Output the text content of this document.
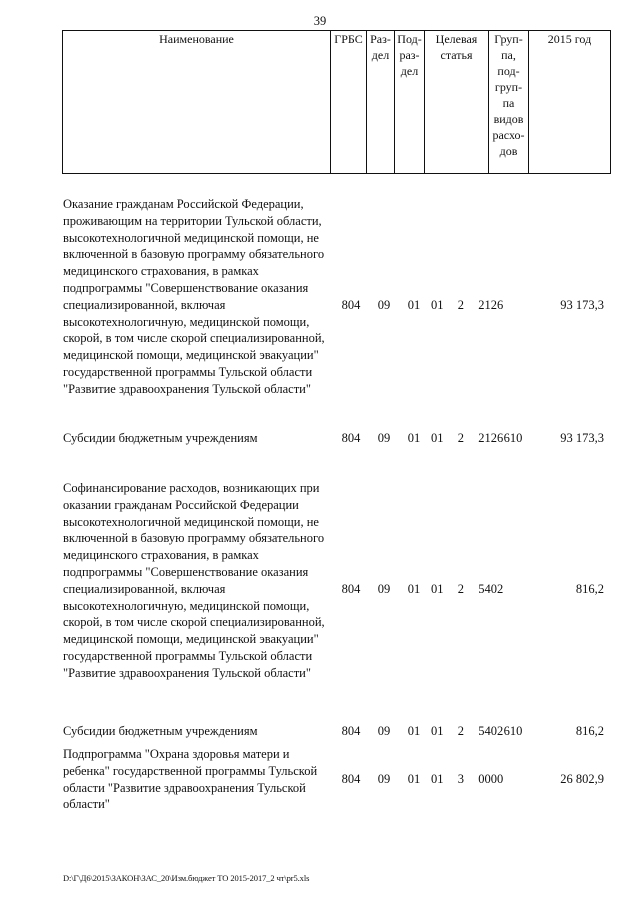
39
Наименование	ГРБС	Раз-дел	Под-раз-дел	Целевая статья	Груп-па, под-груп-па видов расхо-дов	2015 год
Оказание гражданам Российской Федерации, проживающим на территории Тульской области, высокотехнологичной медицинской помощи, не включенной в базовую программу обязательного медицинского страхования, в рамках подпрограммы "Совершенствование оказания специализированной, включая высокотехнологичную, медицинской помощи, скорой, в том числе скорой специализированной, медицинской помощи, медицинской эвакуации" государственной программы Тульской области "Развитие здравоохранения Тульской области"
804	09	01 01  2  2126	93 173,3
Субсидии бюджетным учреждениям	804	09	01 01  2  2126 610	93 173,3
Софинансирование расходов, возникающих при оказании гражданам Российской Федерации высокотехнологичной медицинской помощи, не включенной в базовую программу обязательного медицинского страхования, в рамках подпрограммы "Совершенствование оказания специализированной, включая высокотехнологичную, медицинской помощи, скорой, в том числе скорой специализированной, медицинской помощи, медицинской эвакуации" государственной программы Тульской области "Развитие здравоохранения Тульской области"
804	09	01 01  2  5402	816,2
Субсидии бюджетным учреждениям	804	09	01 01  2  5402 610	816,2
Подпрограмма "Охрана здоровья матери и ребенка" государственной программы Тульской области "Развитие здравоохранения Тульской области"
804	09	01 01  3  0000	26 802,9
D:\Г\Д6\2015\ЗАКОН\ЗАС_20\Изм.бюджет ТО 2015-2017_2 чт\pr5.xls
